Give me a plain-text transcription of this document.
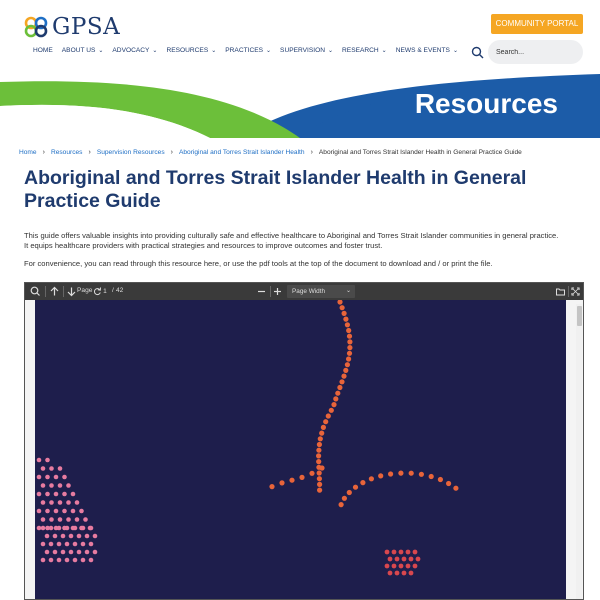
GPSA	COMMUNITY PORTAL
HOME ABOUT US ⌄ ADVOCACY ⌄ RESOURCES ⌄ PRACTICES ⌄ SUPERVISION ⌄ RESEARCH ⌄ NEWS & EVENTS ⌄
Search...
Resources
Home › Resources › Supervision Resources › Aboriginal and Torres Strait Islander Health › Aboriginal and Torres Strait Islander Health in General Practice Guide
Aboriginal and Torres Strait Islander Health in General
Practice Guide

This guide offers valuable insights into providing culturally safe and effective healthcare to Aboriginal and Torres Strait Islander communities in general practice. It equips healthcare providers with practical strategies and resources to improve outcomes and foster trust.

For convenience, you can read through this resource here, or use the pdf tools at the top of the document to download and / or print the file.

Page
1	/ 42	Page Width	⌄
